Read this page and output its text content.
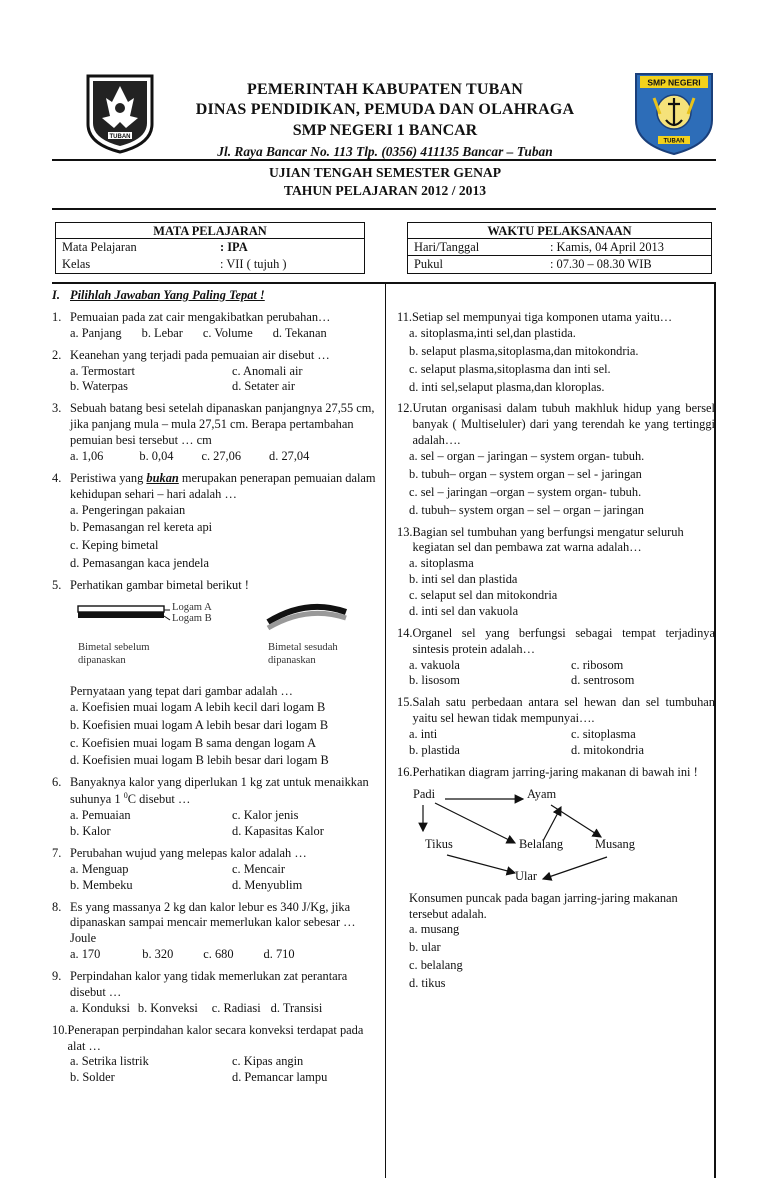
TUBAN
SMP NEGERI
TUBAN
PEMERINTAH KABUPATEN TUBAN
DINAS PENDIDIKAN, PEMUDA DAN OLAHRAGA
SMP NEGERI 1 BANCAR
Jl. Raya Bancar No. 113 Tlp. (0356) 411135 Bancar – Tuban
UJIAN TENGAH SEMESTER GENAP
TAHUN PELAJARAN 2012 / 2013
MATA PELAJARAN
Mata Pelajaran	: IPA
Kelas	: VII ( tujuh )
WAKTU PELAKSANAAN
Hari/Tanggal	: Kamis, 04 April 2013
Pukul	: 07.30 – 08.30 WIB
I. Pilihlah Jawaban Yang Paling Tepat !
1. Pemuaian pada zat cair mengakibatkan perubahan…
a. Panjang b. Lebar c. Volume d. Tekanan
2. Keanehan yang terjadi pada pemuaian air disebut …
a. Termostart	c. Anomali air
b. Waterpas	d. Setater air
3. Sebuah batang besi setelah dipanaskan panjangnya 27,55 cm, jika panjang mula – mula 27,51 cm. Berapa pertambahan pemuian besi tersebut … cm
a. 1,06	b. 0,04 c. 27,06 d. 27,04
4. Peristiwa yang bukan merupakan penerapan pemuaian dalam kehidupan sehari – hari adalah …
a. Pengeringan pakaian
b. Pemasangan rel kereta api
c. Keping bimetal
d. Pemasangan kaca jendela
5. Perhatikan gambar bimetal berikut !
Logam A
Logam B
Bimetal sebelum
dipanaskan
Bimetal sesudah
dipanaskan
Pernyataan yang tepat dari gambar adalah …
a. Koefisien muai logam A lebih kecil dari logam B
b. Koefisien muai logam A lebih besar dari logam B
c. Koefisien muai logam B sama dengan logam A
d. Koefisien muai logam B lebih besar dari logam B
6. Banyaknya kalor yang diperlukan 1 kg zat untuk menaikkan suhunya 1 $^0$C disebut …
a. Pemuaian	c. Kalor jenis
b. Kalor	d. Kapasitas Kalor
7. Perubahan wujud yang melepas kalor adalah …
a. Menguap	c. Mencair
b. Membeku	d. Menyublim
8. Es yang massanya 2 kg dan kalor lebur es 340 J/Kg, jika dipanaskan sampai mencair memerlukan kalor sebesar … Joule
a. 170	b. 320 c. 680 d. 710
9. Perpindahan kalor yang tidak memerlukan zat perantara disebut …
a. Konduksi b. Konveksi c. Radiasi d. Transisi
10. Penerapan perpindahan kalor secara konveksi terdapat pada alat …
a. Setrika listrik	c. Kipas angin
b. Solder	d. Pemancar lampu
11. Setiap sel mempunyai tiga komponen utama yaitu…
a. sitoplasma,inti sel,dan plastida.
b. selaput plasma,sitoplasma,dan mitokondria.
c. selaput plasma,sitoplasma dan inti sel.
d. inti sel,selaput plasma,dan kloroplas.
12. Urutan organisasi dalam tubuh makhluk hidup yang bersel banyak ( Multiseluler) dari yang terendah ke yang tertinggi adalah….
a. sel – organ – jaringan – system organ- tubuh.
b. tubuh– organ – system organ – sel - jaringan
c. sel – jaringan –organ – system organ- tubuh.
d. tubuh– system organ – sel – organ – jaringan
13. Bagian sel tumbuhan yang berfungsi mengatur seluruh kegiatan sel dan pembawa zat warna adalah…
a. sitoplasma
b. inti sel dan plastida
c. selaput sel dan mitokondria
d. inti sel dan vakuola
14. Organel sel yang berfungsi sebagai tempat terjadinya sintesis protein adalah…
a. vakuola	c. ribosom
b. lisosom	d. sentrosom
15. Salah satu perbedaan antara sel hewan dan sel tumbuhan yaitu sel hewan tidak mempunyai….
a. inti	c. sitoplasma
b. plastida	d. mitokondria
16. Perhatikan diagram jarring-jaring makanan di bawah ini !
Padi	Ayam
Tikus	Belalang	Musang
Ular
Konsumen puncak pada bagan jarring-jaring makanan tersebut adalah.
a. musang
b. ular
c. belalang
d. tikus
